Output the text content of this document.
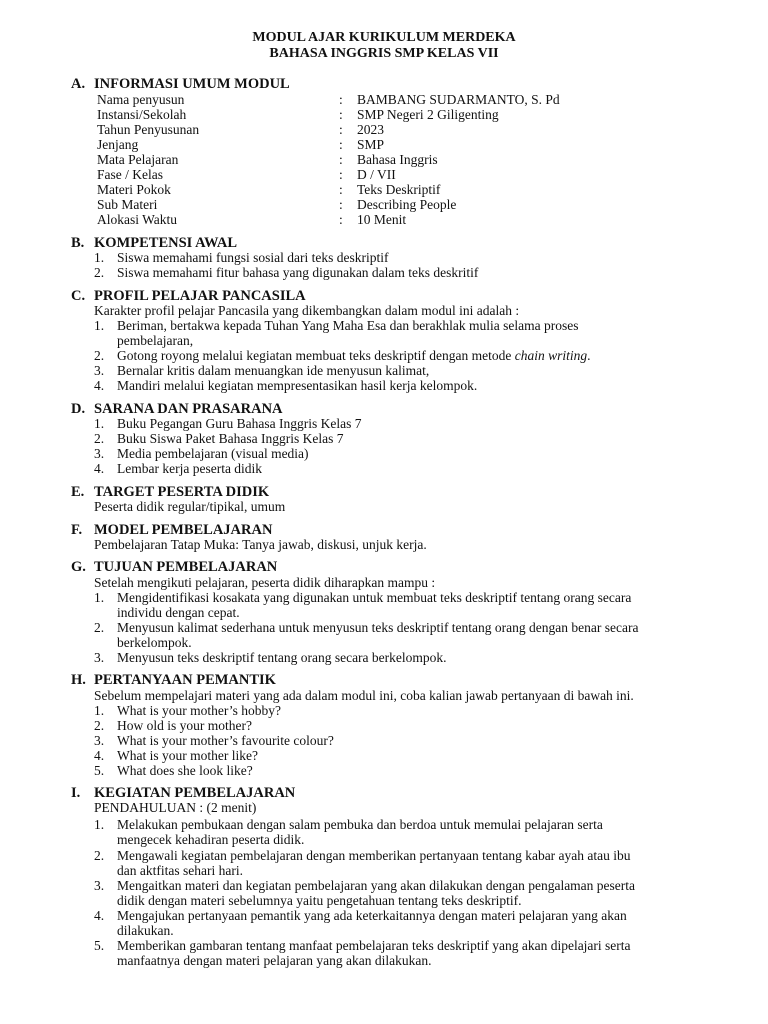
MODUL AJAR KURIKULUM MERDEKA
BAHASA INGGRIS SMP KELAS VII
A. INFORMASI UMUM MODUL
Nama penyusun	: BAMBANG SUDARMANTO, S. Pd
Instansi/Sekolah	: SMP Negeri 2 Giligenting
Tahun Penyusunan	: 2023
Jenjang	: SMP
Mata Pelajaran	: Bahasa Inggris
Fase / Kelas	: D / VII
Materi Pokok	: Teks Deskriptif
Sub Materi	: Describing People
Alokasi Waktu	: 10 Menit
B. KOMPETENSI AWAL
1. Siswa memahami fungsi sosial dari teks deskriptif
2. Siswa memahami fitur bahasa yang digunakan dalam teks deskritif
C. PROFIL PELAJAR PANCASILA
Karakter profil pelajar Pancasila yang dikembangkan dalam modul ini adalah :
1. Beriman, bertakwa kepada Tuhan Yang Maha Esa dan berakhlak mulia selama proses
pembelajaran,
2. Gotong royong melalui kegiatan membuat teks deskriptif dengan metode chain writing.
3. Bernalar kritis dalam menuangkan ide menyusun kalimat,
4. Mandiri melalui kegiatan mempresentasikan hasil kerja kelompok.
D. SARANA DAN PRASARANA
1. Buku Pegangan Guru Bahasa Inggris Kelas 7
2. Buku Siswa Paket Bahasa Inggris Kelas 7
3. Media pembelajaran (visual media)
4. Lembar kerja peserta didik
E. TARGET PESERTA DIDIK
Peserta didik regular/tipikal, umum
F. MODEL PEMBELAJARAN
Pembelajaran Tatap Muka: Tanya jawab, diskusi, unjuk kerja.
G. TUJUAN PEMBELAJARAN
Setelah mengikuti pelajaran, peserta didik diharapkan mampu :
1. Mengidentifikasi kosakata yang digunakan untuk membuat teks deskriptif tentang orang secara
individu dengan cepat.
2. Menyusun kalimat sederhana untuk menyusun teks deskriptif tentang orang dengan benar secara
berkelompok.
3. Menyusun teks deskriptif tentang orang secara berkelompok.
H. PERTANYAAN PEMANTIK
Sebelum mempelajari materi yang ada dalam modul ini, coba kalian jawab pertanyaan di bawah ini.
1. What is your mother’s hobby?
2. How old is your mother?
3. What is your mother’s favourite colour?
4. What is your mother like?
5. What does she look like?
I. KEGIATAN PEMBELAJARAN
PENDAHULUAN : (2 menit)
1. Melakukan pembukaan dengan salam pembuka dan berdoa untuk memulai pelajaran serta
mengecek kehadiran peserta didik.
2. Mengawali kegiatan pembelajaran dengan memberikan pertanyaan tentang kabar ayah atau ibu
dan aktfitas sehari hari.
3. Mengaitkan materi dan kegiatan pembelajaran yang akan dilakukan dengan pengalaman peserta
didik dengan materi sebelumnya yaitu pengetahuan tentang teks deskriptif.
4. Mengajukan pertanyaan pemantik yang ada keterkaitannya dengan materi pelajaran yang akan
dilakukan.
5. Memberikan gambaran tentang manfaat pembelajaran teks deskriptif yang akan dipelajari serta
manfaatnya dengan materi pelajaran yang akan dilakukan.
